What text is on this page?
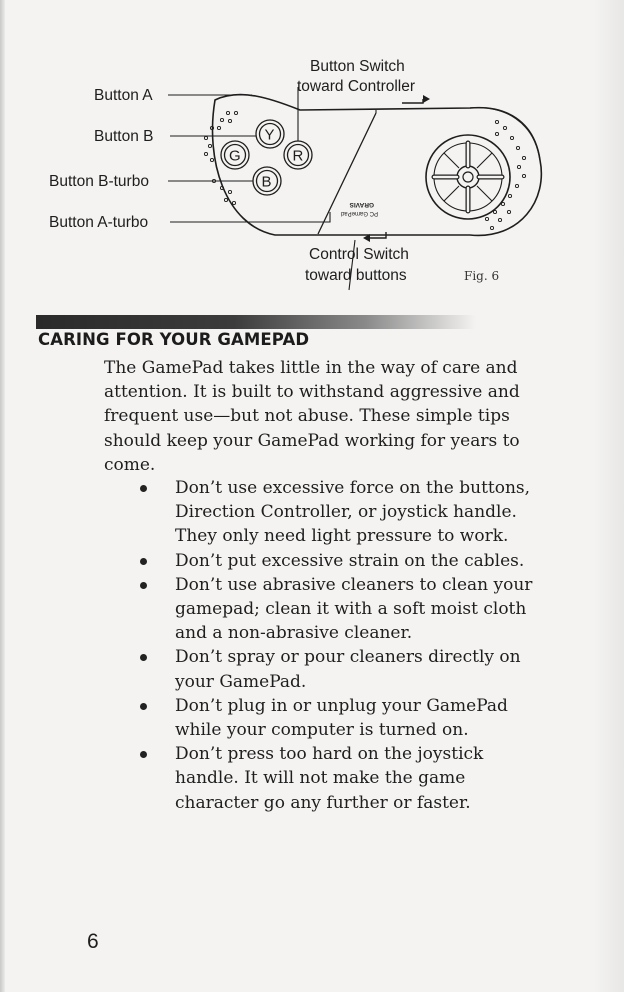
Y
R
G
B
PC GamePad
GRAVIS
Button A
Button B
Button B-turbo
Button A-turbo
Button Switch
toward Controller
Control Switch
toward buttons	Fig. 6
CARING FOR YOUR GAMEPAD

The GamePad takes little in the way of care and attention. It is built to withstand aggressive and frequent use—but not abuse. These simple tips should keep your GamePad working for years to come.

Don’t use excessive force on the buttons, Direction Controller, or joystick handle. They only need light pressure to work.
Don’t put excessive strain on the cables.
Don’t use abrasive cleaners to clean your gamepad; clean it with a soft moist cloth and a non-abrasive cleaner.
Don’t spray or pour cleaners directly on your GamePad.
Don’t plug in or unplug your GamePad while your computer is turned on.
Don’t press too hard on the joystick handle. It will not make the game character go any further or faster.
6
